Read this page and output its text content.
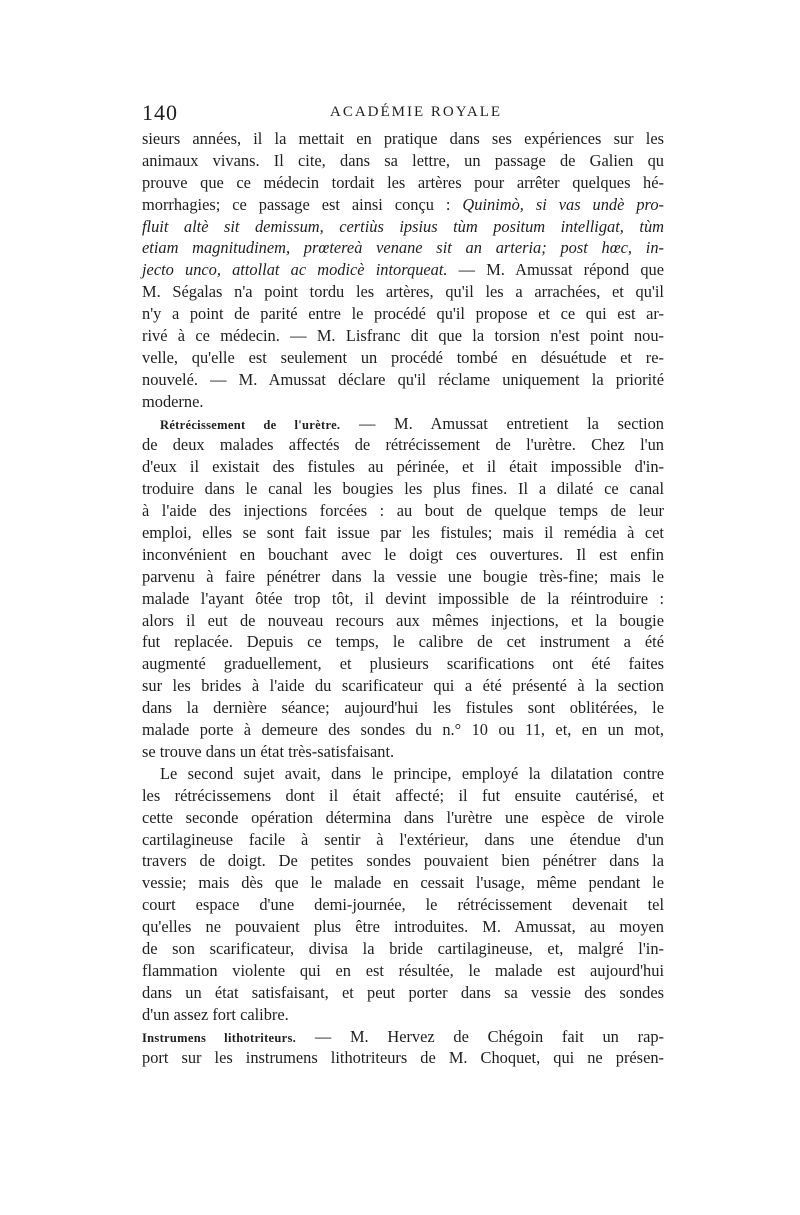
140	ACADÉMIE ROYALE
sieurs années, il la mettait en pratique dans ses expériences sur les
animaux vivans. Il cite, dans sa lettre, un passage de Galien qu
prouve que ce médecin tordait les artères pour arrêter quelques hé-
morrhagies; ce passage est ainsi conçu : Quinimò, si vas undè pro-
fluit altè sit demissum, certiùs ipsius tùm positum intelligat, tùm
etiam magnitudinem, prœtereà venane sit an arteria; post hœc, in-
jecto unco, attollat ac modicè intorqueat. — M. Amussat répond que
M. Ségalas n'a point tordu les artères, qu'il les a arrachées, et qu'il
n'y a point de parité entre le procédé qu'il propose et ce qui est ar-
rivé à ce médecin. — M. Lisfranc dit que la torsion n'est point nou-
velle, qu'elle est seulement un procédé tombé en désuétude et re-
nouvelé. — M. Amussat déclare qu'il réclame uniquement la priorité
moderne.
Rétrécissement de l'urètre. — M. Amussat entretient la section
de deux malades affectés de rétrécissement de l'urètre. Chez l'un
d'eux il existait des fistules au périnée, et il était impossible d'in-
troduire dans le canal les bougies les plus fines. Il a dilaté ce canal
à l'aide des injections forcées : au bout de quelque temps de leur
emploi, elles se sont fait issue par les fistules; mais il remédia à cet
inconvénient en bouchant avec le doigt ces ouvertures. Il est enfin
parvenu à faire pénétrer dans la vessie une bougie très-fine; mais le
malade l'ayant ôtée trop tôt, il devint impossible de la réintroduire :
alors il eut de nouveau recours aux mêmes injections, et la bougie
fut replacée. Depuis ce temps, le calibre de cet instrument a été
augmenté graduellement, et plusieurs scarifications ont été faites
sur les brides à l'aide du scarificateur qui a été présenté à la section
dans la dernière séance; aujourd'hui les fistules sont oblitérées, le
malade porte à demeure des sondes du n.° 10 ou 11, et, en un mot,
se trouve dans un état très-satisfaisant.
Le second sujet avait, dans le principe, employé la dilatation contre
les rétrécissemens dont il était affecté; il fut ensuite cautérisé, et
cette seconde opération détermina dans l'urètre une espèce de virole
cartilagineuse facile à sentir à l'extérieur, dans une étendue d'un
travers de doigt. De petites sondes pouvaient bien pénétrer dans la
vessie; mais dès que le malade en cessait l'usage, même pendant le
court espace d'une demi-journée, le rétrécissement devenait tel
qu'elles ne pouvaient plus être introduites. M. Amussat, au moyen
de son scarificateur, divisa la bride cartilagineuse, et, malgré l'in-
flammation violente qui en est résultée, le malade est aujourd'hui
dans un état satisfaisant, et peut porter dans sa vessie des sondes
d'un assez fort calibre.
Instrumens lithotriteurs. — M. Hervez de Chégoin fait un rap-
port sur les instrumens lithotriteurs de M. Choquet, qui ne présen-
